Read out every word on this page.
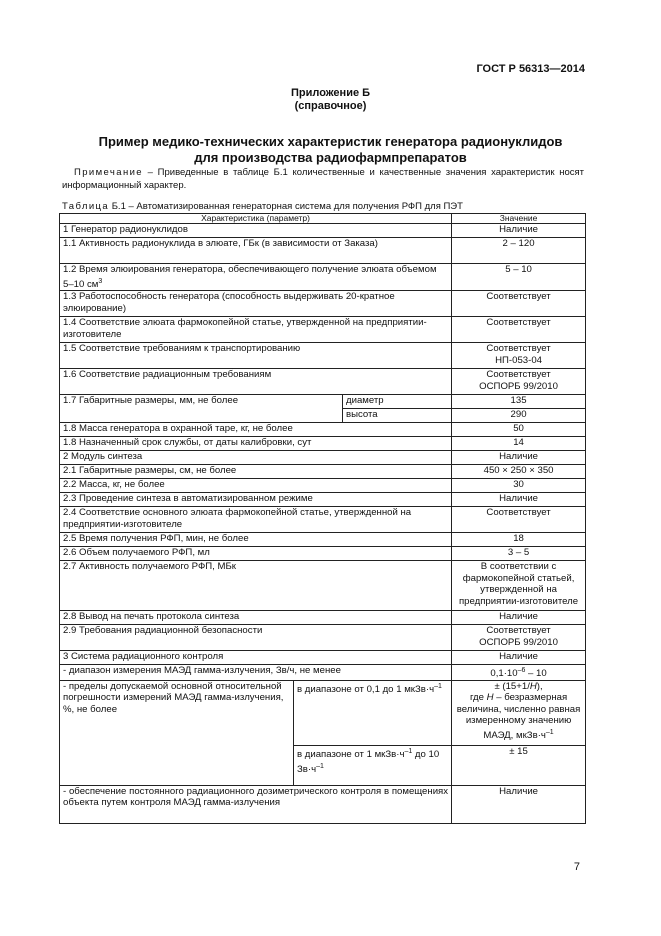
ГОСТ Р 56313—2014
Приложение Б
(справочное)
Пример медико-технических характеристик генератора радионуклидов
для производства радиофармпрепаратов
Примечание – Приведенные в таблице Б.1 количественные и качественные значения характеристик носят информационный характер.
Таблица Б.1 – Автоматизированная генераторная система для получения РФП для ПЭТ
Характеристика (параметр)			Значение
1 Генератор радионуклидов			Наличие
1.1 Активность радионуклида в элюате, ГБк (в зависимости от Заказа)			2 – 120
1.2 Время элюирования генератора, обеспечивающего получение элюата объемом 5–10 $см^3$			5 – 10
1.3 Работоспособность генератора (способность выдерживать 20-кратное элюирование)			Соответствует
1.4 Соответствие элюата фармокопейной статье, утвержденной на предприятии-изготовителе			Соответствует
1.5 Соответствие требованиям к транспортированию			Соответствует
НП-053-04

1.6 Соответствие радиационным требованиям			Соответствует
ОСПОРБ 99/2010

1.7 Габаритные размеры, мм, не более		диаметр	135
		высота	290
1.8 Масса генератора в охранной таре, кг, не более			50
1.8 Назначенный срок службы, от даты калибровки, сут			14
2 Модуль синтеза			Наличие
2.1 Габаритные размеры, см, не более			450 × 250 × 350
2.2 Масса, кг, не более			30
2.3 Проведение синтеза в автоматизированном режиме			Наличие
2.4 Соответствие основного элюата фармокопейной статье, утвержденной на предприятии-изготовителе			Соответствует
2.5 Время получения РФП, мин, не более			18
2.6 Объем получаемого РФП, мл			3 – 5
2.7 Активность получаемого РФП, МБк			В соответствии с фармокопейной статьей, утвержденной на предприятии-изготовителе
2.8 Вывод на печать протокола синтеза			Наличие
2.9 Требования радиационной безопасности			Соответствует
ОСПОРБ 99/2010

3 Система радиационного контроля			Наличие
- диапазон измерения МАЭД гамма-излучения, Зв/ч, не менее			$0,1\cdot 10^{-6} - 10$
- пределы допускаемой основной относительной погрешности измерений МАЭД гамма-излучения, %, не более	в диапазоне от 0,1 до 1 $мкЗв\cdot ч^{-1}$		± (15+1/H),
где H – безразмерная величина, численно равная измеренному значению МАЭД, $мкЗв\cdot ч^{-1}$
	в диапазоне от 1 $мкЗв\cdot ч^{-1}$ до 10 $Зв\cdot ч^{-1}$		± 15
- обеспечение постоянного радиационного дозиметрического контроля в помещениях объекта путем контроля МАЭД гамма-излучения			Наличие
7
